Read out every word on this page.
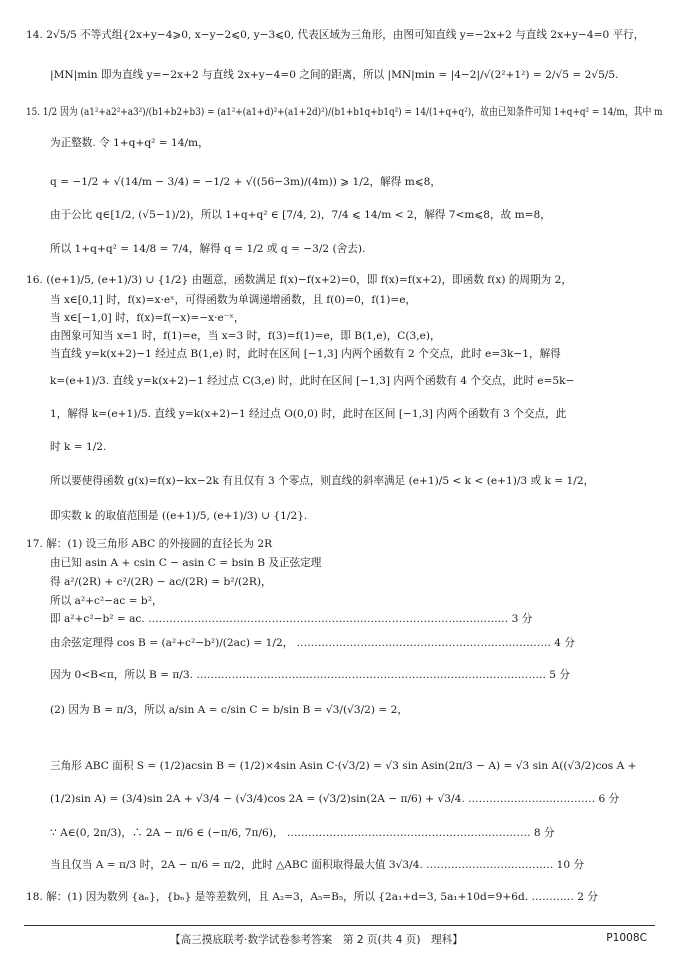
14. 2√5/5 不等式组{2x+y−4⩾0, x−y−2⩽0, y−3⩽0, 代表区域为三角形，由图可知直线 y=−2x+2 与直线 2x+y−4=0 平行，
|MN|min 即为直线 y=−2x+2 与直线 2x+y−4=0 之间的距离，所以 |MN|min = |4−2|/√(2²+1²) = 2/√5 = 2√5/5.
15. 1/2 因为 (a1²+a2²+a3²)/(b1+b2+b3) = (a1²+(a1+d)²+(a1+2d)²)/(b1+b1q+b1q²) = 14/(1+q+q²)，故由已知条件可知 1+q+q² = 14/m，其中 m
为正整数. 令 1+q+q² = 14/m，
q = −1/2 + √(14/m − 3/4) = −1/2 + √((56−3m)/(4m)) ⩾ 1/2，解得 m⩽8，
由于公比 q∈[1/2, (√5−1)/2)，所以 1+q+q² ∈ [7/4, 2)，7/4 ⩽ 14/m < 2，解得 7<m⩽8，故 m=8，
所以 1+q+q² = 14/8 = 7/4，解得 q = 1/2 或 q = −3/2 (舍去).
16. ((e+1)/5, (e+1)/3) ∪ {1/2} 由题意，函数满足 f(x)−f(x+2)=0，即 f(x)=f(x+2)，即函数 f(x) 的周期为 2，
当 x∈[0,1] 时，f(x)=x·eˣ，可得函数为单调递增函数，且 f(0)=0，f(1)=e，
当 x∈[−1,0] 时，f(x)=f(−x)=−x·e⁻ˣ，
由图象可知当 x=1 时，f(1)=e，当 x=3 时，f(3)=f(1)=e，即 B(1,e)，C(3,e)，
当直线 y=k(x+2)−1 经过点 B(1,e) 时，此时在区间 [−1,3] 内两个函数有 2 个交点，此时 e=3k−1，解得
k=(e+1)/3. 直线 y=k(x+2)−1 经过点 C(3,e) 时，此时在区间 [−1,3] 内两个函数有 4 个交点，此时 e=5k−
1，解得 k=(e+1)/5. 直线 y=k(x+2)−1 经过点 O(0,0) 时，此时在区间 [−1,3] 内两个函数有 3 个交点，此
时 k = 1/2.
所以要使得函数 g(x)=f(x)−kx−2k 有且仅有 3 个零点，则直线的斜率满足 (e+1)/5 < k < (e+1)/3 或 k = 1/2，
即实数 k 的取值范围是 ((e+1)/5, (e+1)/3) ∪ {1/2}.
17. 解：(1) 设三角形 ABC 的外接圆的直径长为 2R
由已知 asin A + csin C − asin C = bsin B 及正弦定理
得 a²/(2R) + c²/(2R) − ac/(2R) = b²/(2R)，
所以 a²+c²−ac = b²，
即 a²+c²−b² = ac. ………………………………………………………………………………………… 3 分
由余弦定理得 cos B = (a²+c²−b²)/(2ac) = 1/2， ……………………………………………………………… 4 分
因为 0<B<π，所以 B = π/3. ……………………………………………………………………………………… 5 分
(2) 因为 B = π/3，所以 a/sin A = c/sin C = b/sin B = √3/(√3/2) = 2，
三角形 ABC 面积 S = (1/2)acsin B = (1/2)×4sin Asin C·(√3/2) = √3 sin Asin(2π/3 − A) = √3 sin A((√3/2)cos A +
(1/2)sin A) = (3/4)sin 2A + √3/4 − (√3/4)cos 2A = (√3/2)sin(2A − π/6) + √3/4. ……………………………… 6 分
∵ A∈(0, 2π/3)，∴ 2A − π/6 ∈ (−π/6, 7π/6)， …………………………………………………………… 8 分
当且仅当 A = π/3 时，2A − π/6 = π/2，此时 △ABC 面积取得最大值 3√3/4. ……………………………… 10 分
18. 解：(1) 因为数列 {aₙ}，{bₙ} 是等差数列，且 A₂=3，A₅=B₅，所以 {2a₁+d=3, 5a₁+10d=9+6d. ………… 2 分
【高三摸底联考·数学试卷参考答案　第 2 页(共 4 页)　理科】	P1008C
